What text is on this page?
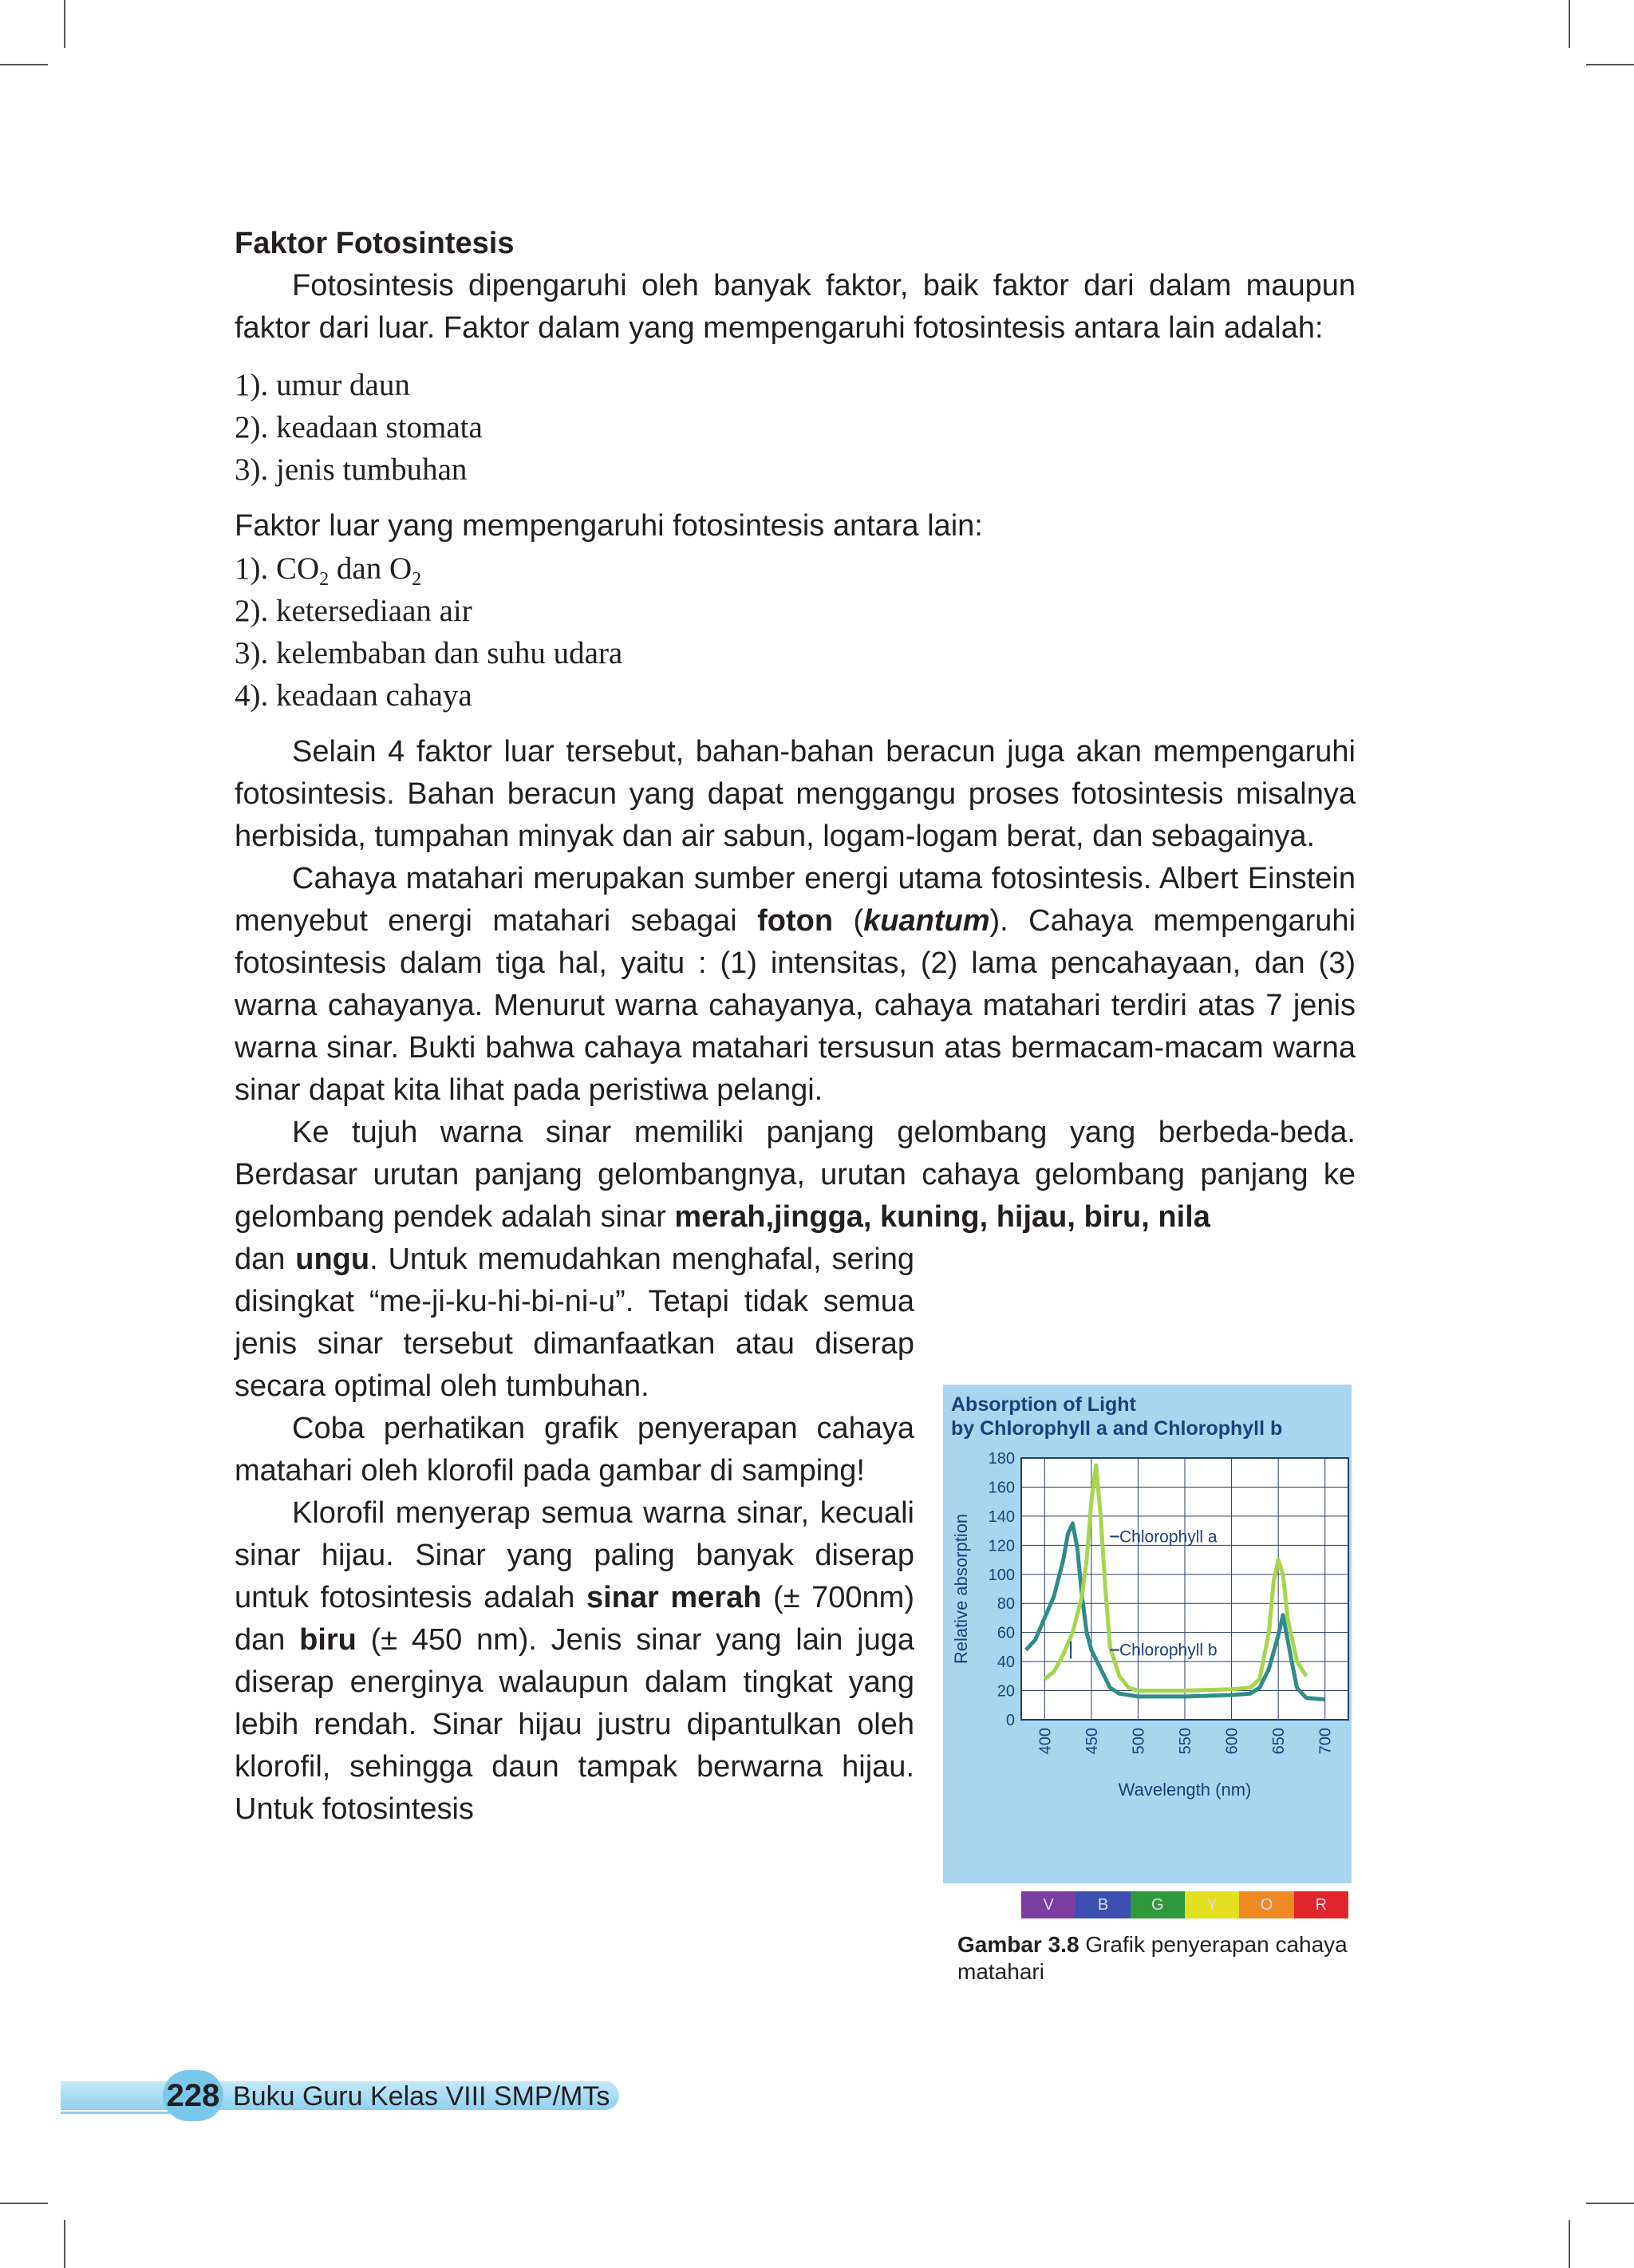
Faktor Fotosintesis

Fotosintesis dipengaruhi oleh banyak faktor, baik faktor dari dalam maupun faktor dari luar. Faktor dalam yang mempengaruhi fotosintesis antara lain adalah:

1). umur daun
2). keadaan stomata
3). jenis tumbuhan

Faktor luar yang mempengaruhi fotosintesis antara lain:

1). $CO_2$ dan $O_2$
2). ketersediaan air
3). kelembaban dan suhu udara
4). keadaan cahaya

Selain 4 faktor luar tersebut, bahan-bahan beracun juga akan mempengaruhi fotosintesis. Bahan beracun yang dapat menggangu proses fotosintesis misalnya herbisida, tumpahan minyak dan air sabun, logam-logam berat, dan sebagainya.

Cahaya matahari merupakan sumber energi utama fotosintesis. Albert Einstein menyebut energi matahari sebagai foton (kuantum). Cahaya mempengaruhi fotosintesis dalam tiga hal, yaitu : (1) intensitas, (2) lama pencahayaan, dan (3) warna cahayanya. Menurut warna cahayanya, cahaya matahari terdiri atas 7 jenis warna sinar. Bukti bahwa cahaya matahari tersusun atas bermacam-macam warna sinar dapat kita lihat pada peristiwa pelangi.

Ke tujuh warna sinar memiliki panjang gelombang yang berbeda-beda. Berdasar urutan panjang gelombangnya, urutan cahaya gelombang panjang ke gelombang pendek adalah sinar merah,jingga, kuning, hijau, biru, nila

dan ungu. Untuk memudahkan menghafal, sering disingkat “me-ji-ku-hi-bi-ni-u”. Tetapi tidak semua jenis sinar tersebut dimanfaatkan atau diserap secara optimal oleh tumbuhan.

Coba perhatikan grafik penyerapan cahaya matahari oleh klorofil pada gambar di samping!

Klorofil menyerap semua warna sinar, kecuali sinar hijau. Sinar yang paling banyak diserap untuk fotosintesis adalah sinar merah (± 700nm) dan biru (± 450 nm). Jenis sinar yang lain juga diserap energinya walaupun dalam tingkat yang lebih rendah. Sinar hijau justru dipantulkan oleh klorofil, sehingga daun tampak berwarna hijau. Untuk fotosintesis

Absorption of Light
by Chlorophyll a and Chlorophyll b
0
20
40
60
80
100
120
140
160
180
400 450 500 550 600 650 700
Wavelength (nm)
Relative absorption	Chlorophyll a
Chlorophyll b
V	B	G	Y	O	R
Gambar 3.8 Grafik penyerapan cahaya matahari
228 Buku Guru Kelas VIII SMP/MTs
